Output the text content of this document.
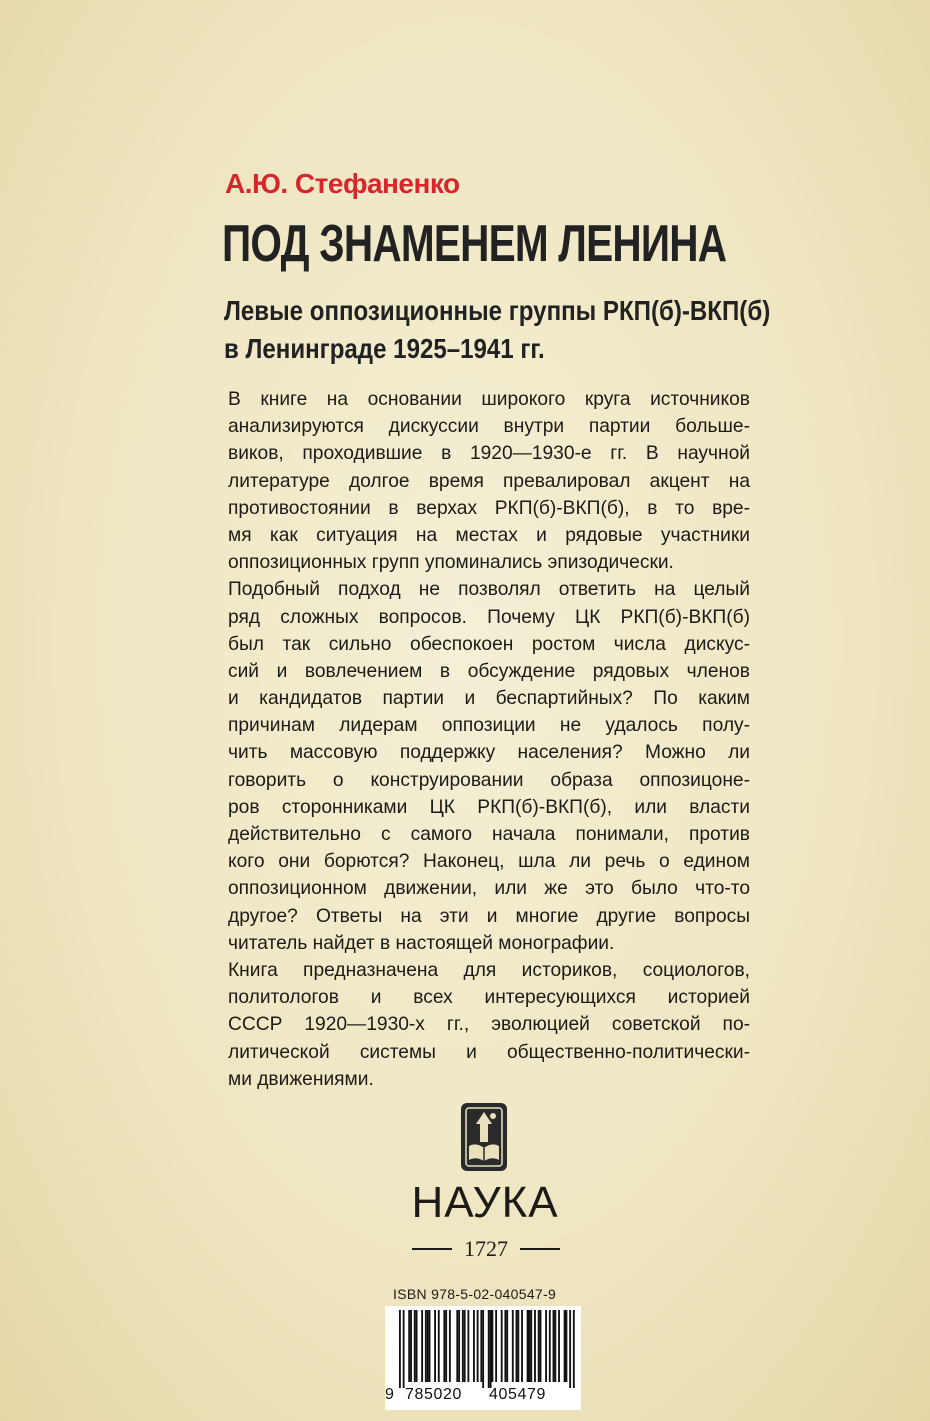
А.Ю. Стефаненко
ПОД ЗНАМЕНЕМ ЛЕНИНА
Левые оппозиционные группы РКП(б)-ВКП(б)
в Ленинграде 1925–1941 гг.
В книге на основании широкого круга источников
анализируются дискуссии внутри партии больше-
виков, проходившие в 1920—1930-е гг. В научной
литературе долгое время превалировал акцент на
противостоянии в верхах РКП(б)-ВКП(б), в то вре-
мя как ситуация на местах и рядовые участники
оппозиционных групп упоминались эпизодически.
Подобный подход не позволял ответить на целый
ряд сложных вопросов. Почему ЦК РКП(б)-ВКП(б)
был так сильно обеспокоен ростом числа дискус-
сий и вовлечением в обсуждение рядовых членов
и кандидатов партии и беспартийных? По каким
причинам лидерам оппозиции не удалось полу-
чить массовую поддержку населения? Можно ли
говорить о конструировании образа оппозицоне-
ров сторонниками ЦК РКП(б)-ВКП(б), или власти
действительно с самого начала понимали, против
кого они борются? Наконец, шла ли речь о едином
оппозиционном движении, или же это было что-то
другое? Ответы на эти и многие другие вопросы
читатель найдет в настоящей монографии.
Книга предназначена для историков, социологов,
политологов и всех интересующихся историей
СССР 1920—1930-х гг., эволюцией советской по-
литической системы и общественно-политически-
ми движениями.
НАУКА
1727
ISBN 978-5-02-040547-9
9 785020 405479
